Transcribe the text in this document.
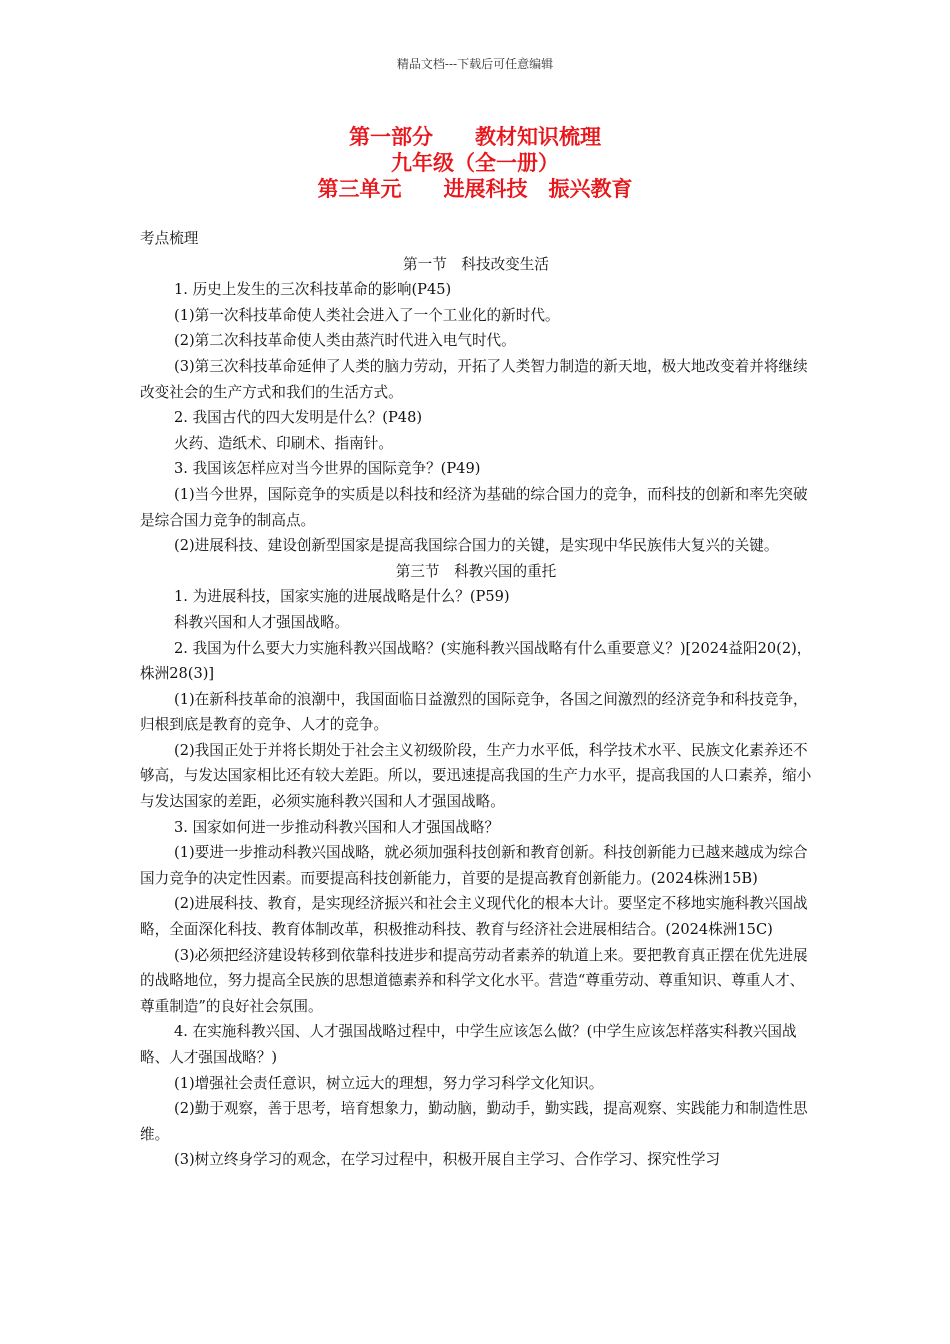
精品文档---下载后可任意编辑
第一部分　　教材知识梳理
九年级（全一册）
第三单元　　进展科技　振兴教育

考点梳理

第一节　科技改变生活

1. 历史上发生的三次科技革命的影响(P45)

(1)第一次科技革命使人类社会进入了一个工业化的新时代。

(2)第二次科技革命使人类由蒸汽时代进入电气时代。

(3)第三次科技革命延伸了人类的脑力劳动，开拓了人类智力制造的新天地，极大地改变着并将继续改变社会的生产方式和我们的生活方式。

2. 我国古代的四大发明是什么？(P48)

火药、造纸术、印刷术、指南针。

3. 我国该怎样应对当今世界的国际竞争？(P49)

(1)当今世界，国际竞争的实质是以科技和经济为基础的综合国力的竞争，而科技的创新和率先突破是综合国力竞争的制高点。

(2)进展科技、建设创新型国家是提高我国综合国力的关键，是实现中华民族伟大复兴的关键。

第三节　科教兴国的重托

1. 为进展科技，国家实施的进展战略是什么？(P59)

科教兴国和人才强国战略。

2. 我国为什么要大力实施科教兴国战略？(实施科教兴国战略有什么重要意义？)[2024益阳20(2)，株洲28(3)]

(1)在新科技革命的浪潮中，我国面临日益激烈的国际竞争，各国之间激烈的经济竞争和科技竞争，归根到底是教育的竞争、人才的竞争。

(2)我国正处于并将长期处于社会主义初级阶段，生产力水平低，科学技术水平、民族文化素养还不够高，与发达国家相比还有较大差距。所以，要迅速提高我国的生产力水平，提高我国的人口素养，缩小与发达国家的差距，必须实施科教兴国和人才强国战略。

3. 国家如何进一步推动科教兴国和人才强国战略？

(1)要进一步推动科教兴国战略，就必须加强科技创新和教育创新。科技创新能力已越来越成为综合国力竞争的决定性因素。而要提高科技创新能力，首要的是提高教育创新能力。(2024株洲15B)

(2)进展科技、教育，是实现经济振兴和社会主义现代化的根本大计。要坚定不移地实施科教兴国战略，全面深化科技、教育体制改革，积极推动科技、教育与经济社会进展相结合。(2024株洲15C)

(3)必须把经济建设转移到依靠科技进步和提高劳动者素养的轨道上来。要把教育真正摆在优先进展的战略地位，努力提高全民族的思想道德素养和科学文化水平。营造“尊重劳动、尊重知识、尊重人才、尊重制造”的良好社会氛围。

4. 在实施科教兴国、人才强国战略过程中，中学生应该怎么做？(中学生应该怎样落实科教兴国战略、人才强国战略？)

(1)增强社会责任意识，树立远大的理想，努力学习科学文化知识。

(2)勤于观察，善于思考，培育想象力，勤动脑，勤动手，勤实践，提高观察、实践能力和制造性思维。

(3)树立终身学习的观念，在学习过程中，积极开展自主学习、合作学习、探究性学习
